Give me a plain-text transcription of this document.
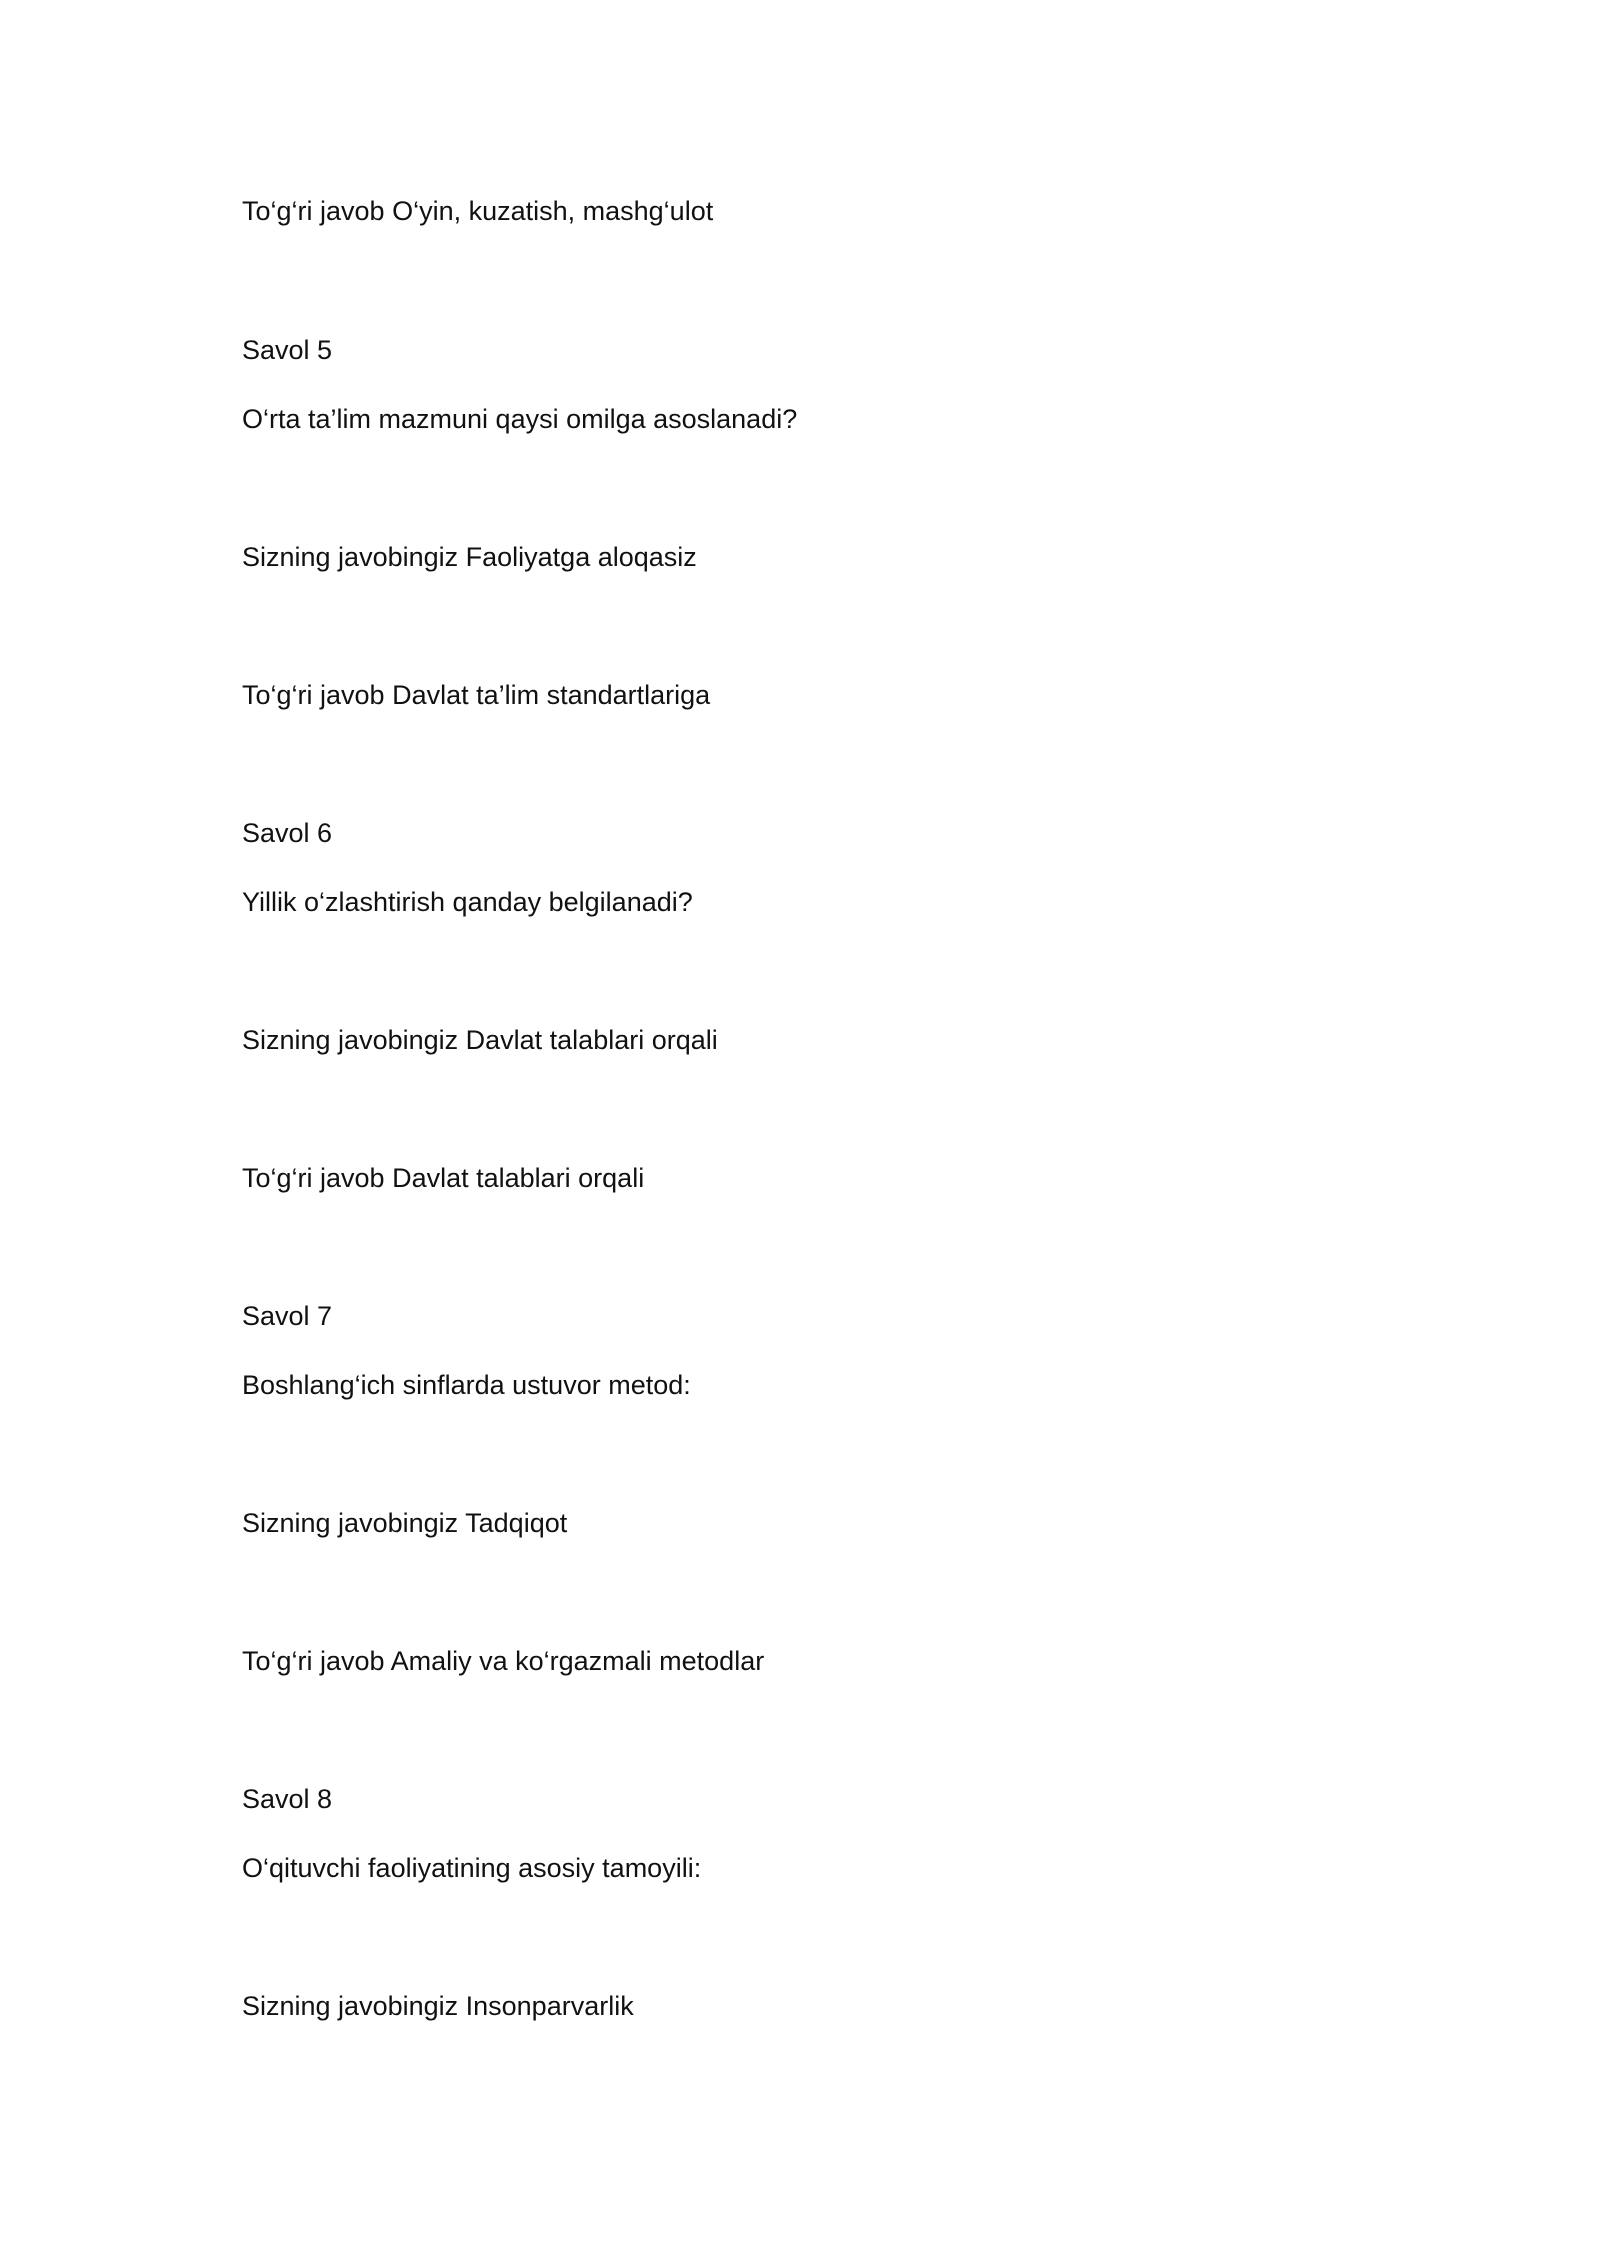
To‘g‘ri javob O‘yin, kuzatish, mashg‘ulot
Savol 5
O‘rta ta’lim mazmuni qaysi omilga asoslanadi?
Sizning javobingiz Faoliyatga aloqasiz
To‘g‘ri javob Davlat ta’lim standartlariga
Savol 6
Yillik o‘zlashtirish qanday belgilanadi?
Sizning javobingiz Davlat talablari orqali
To‘g‘ri javob Davlat talablari orqali
Savol 7
Boshlang‘ich sinflarda ustuvor metod:
Sizning javobingiz Tadqiqot
To‘g‘ri javob Amaliy va ko‘rgazmali metodlar
Savol 8
O‘qituvchi faoliyatining asosiy tamoyili:
Sizning javobingiz Insonparvarlik
